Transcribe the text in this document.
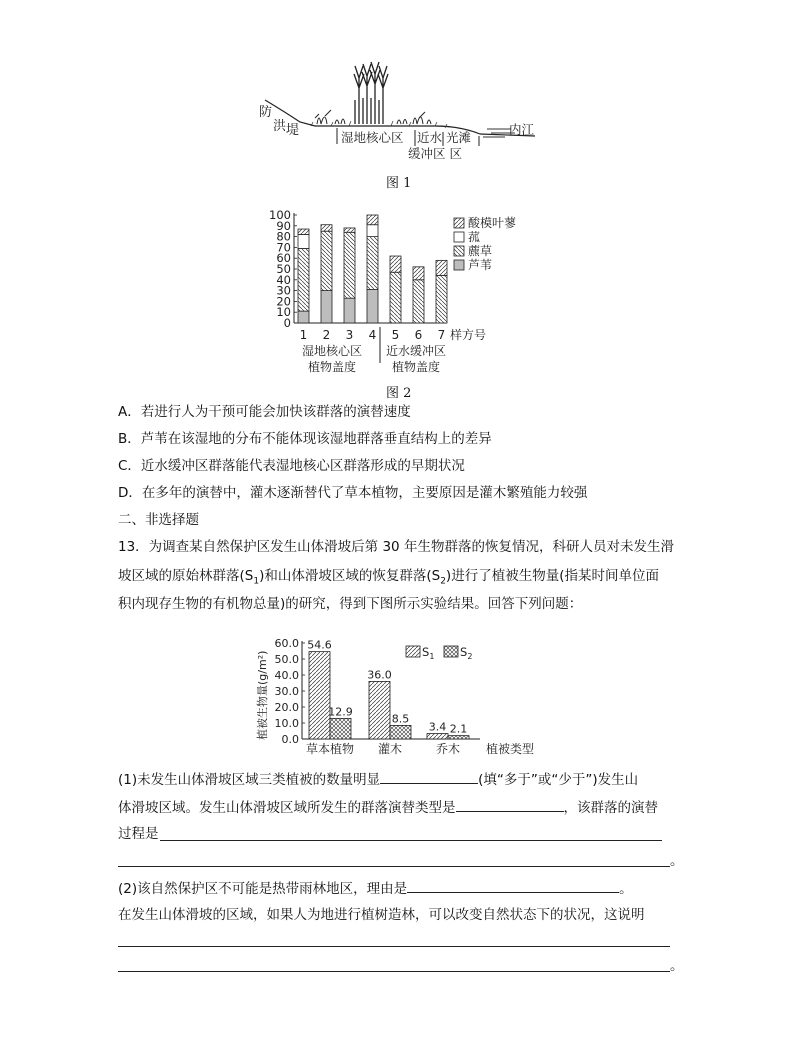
防
洪 堤	湿地核心区 近水 光滩
缓冲区 区
内江
图 1
0
10
20
30
40
50
60
70
80
90
100
1 2 3 4 5 6 7
酸模叶蓼
菰
藨草
芦苇
样方号
湿地核心区
植物盖度
近水缓冲区
植物盖度
图 2
A．若进行人为干预可能会加快该群落的演替速度
B．芦苇在该湿地的分布不能体现该湿地群落垂直结构上的差异
C．近水缓冲区群落能代表湿地核心区群落形成的早期状况
D．在多年的演替中，灌木逐渐替代了草本植物，主要原因是灌木繁殖能力较强
二、非选择题
13．为调查某自然保护区发生山体滑坡后第 30 年生物群落的恢复情况，科研人员对未发生滑
坡区域的原始林群落$(S_1)$和山体滑坡区域的恢复群落$(S_2)$进行了植被生物量(指某时间单位面
积内现存生物的有机物总量)的研究，得到下图所示实验结果。回答下列问题：
植被生物量(g/m²) 0.0
10.0
20.0
30.0
40.0
50.0
60.0
草本植物 灌木	乔木 植被类型
54.6
12.9
36.0
8.5
3.4 2.1
$S_1$ $S_2$
(1)未发生山体滑坡区域三类植被的数量明显	(填“多于”或“少于”)发生山
体滑坡区域。发生山体滑坡区域所发生的群落演替类型是	，该群落的演替
过程是
。
(2)该自然保护区不可能是热带雨林地区，理由是	。
在发生山体滑坡的区域，如果人为地进行植树造林，可以改变自然状态下的状况，这说明
。
